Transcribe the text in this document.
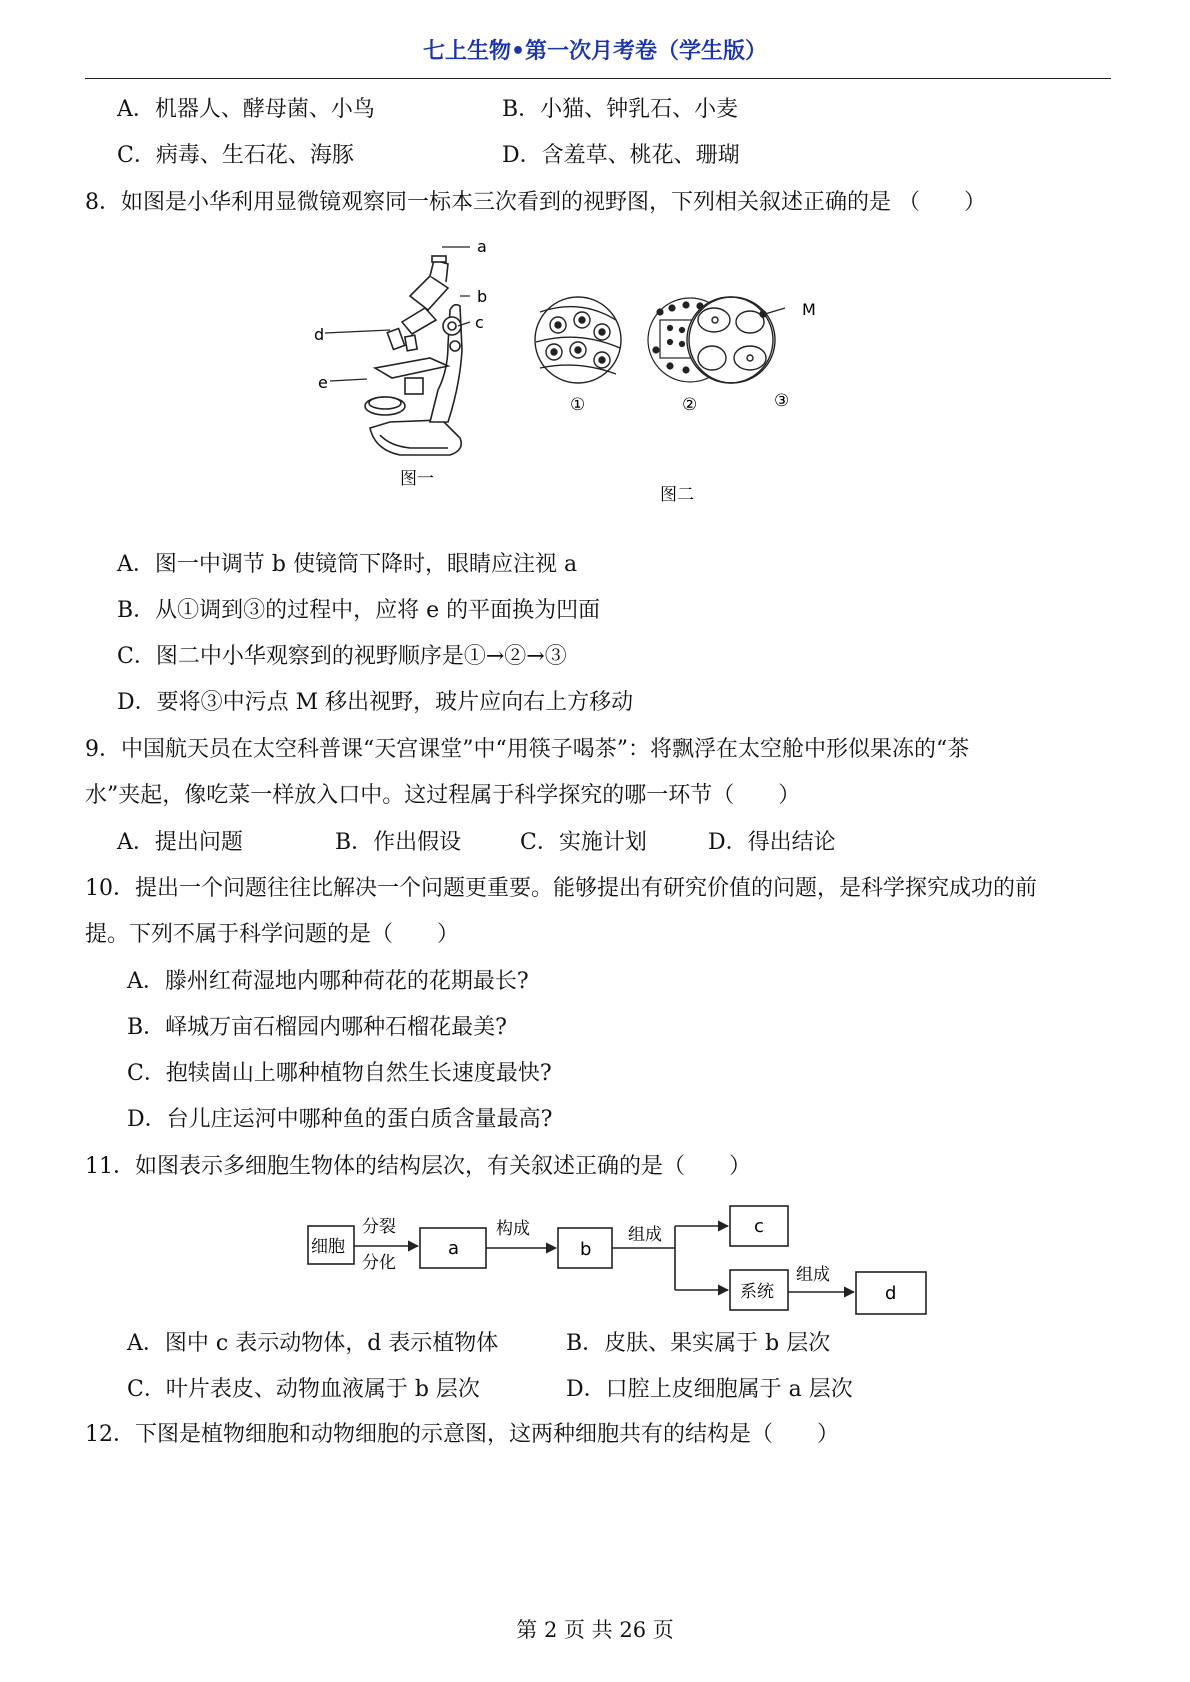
七上生物•第一次月考卷（学生版）
A．机器人、酵母菌、小鸟	B．小猫、钟乳石、小麦
C．病毒、生石花、海豚	D．含羞草、桃花、珊瑚
8．如图是小华利用显微镜观察同一标本三次看到的视野图，下列相关叙述正确的是 （　　）
a
b
c
d
e
M
图一
图二
①	②	③
A．图一中调节 b 使镜筒下降时，眼睛应注视 a
B．从①调到③的过程中，应将 e 的平面换为凹面
C．图二中小华观察到的视野顺序是①→②→③
D．要将③中污点 M 移出视野，玻片应向右上方移动
9．中国航天员在太空科普课“天宫课堂”中“用筷子喝茶”：将飘浮在太空舱中形似果冻的“茶
水”夹起，像吃菜一样放入口中。这过程属于科学探究的哪一环节（　　）
A．提出问题	B．作出假设	C．实施计划	D．得出结论
10．提出一个问题往往比解决一个问题更重要。能够提出有研究价值的问题，是科学探究成功的前
提。下列不属于科学问题的是（　　）
A．滕州红荷湿地内哪种荷花的花期最长?
B．峄城万亩石榴园内哪种石榴花最美?
C．抱犊崮山上哪种植物自然生长速度最快?
D．台儿庄运河中哪种鱼的蛋白质含量最高?
11．如图表示多细胞生物体的结构层次，有关叙述正确的是（　　）
细胞
分裂
分化
a
构成
b
组成	c
系统
组成
d
A．图中 c 表示动物体，d 表示植物体	B．皮肤、果实属于 b 层次
C．叶片表皮、动物血液属于 b 层次	D．口腔上皮细胞属于 a 层次
12．下图是植物细胞和动物细胞的示意图，这两种细胞共有的结构是（　　）
第 2 页 共 26 页
